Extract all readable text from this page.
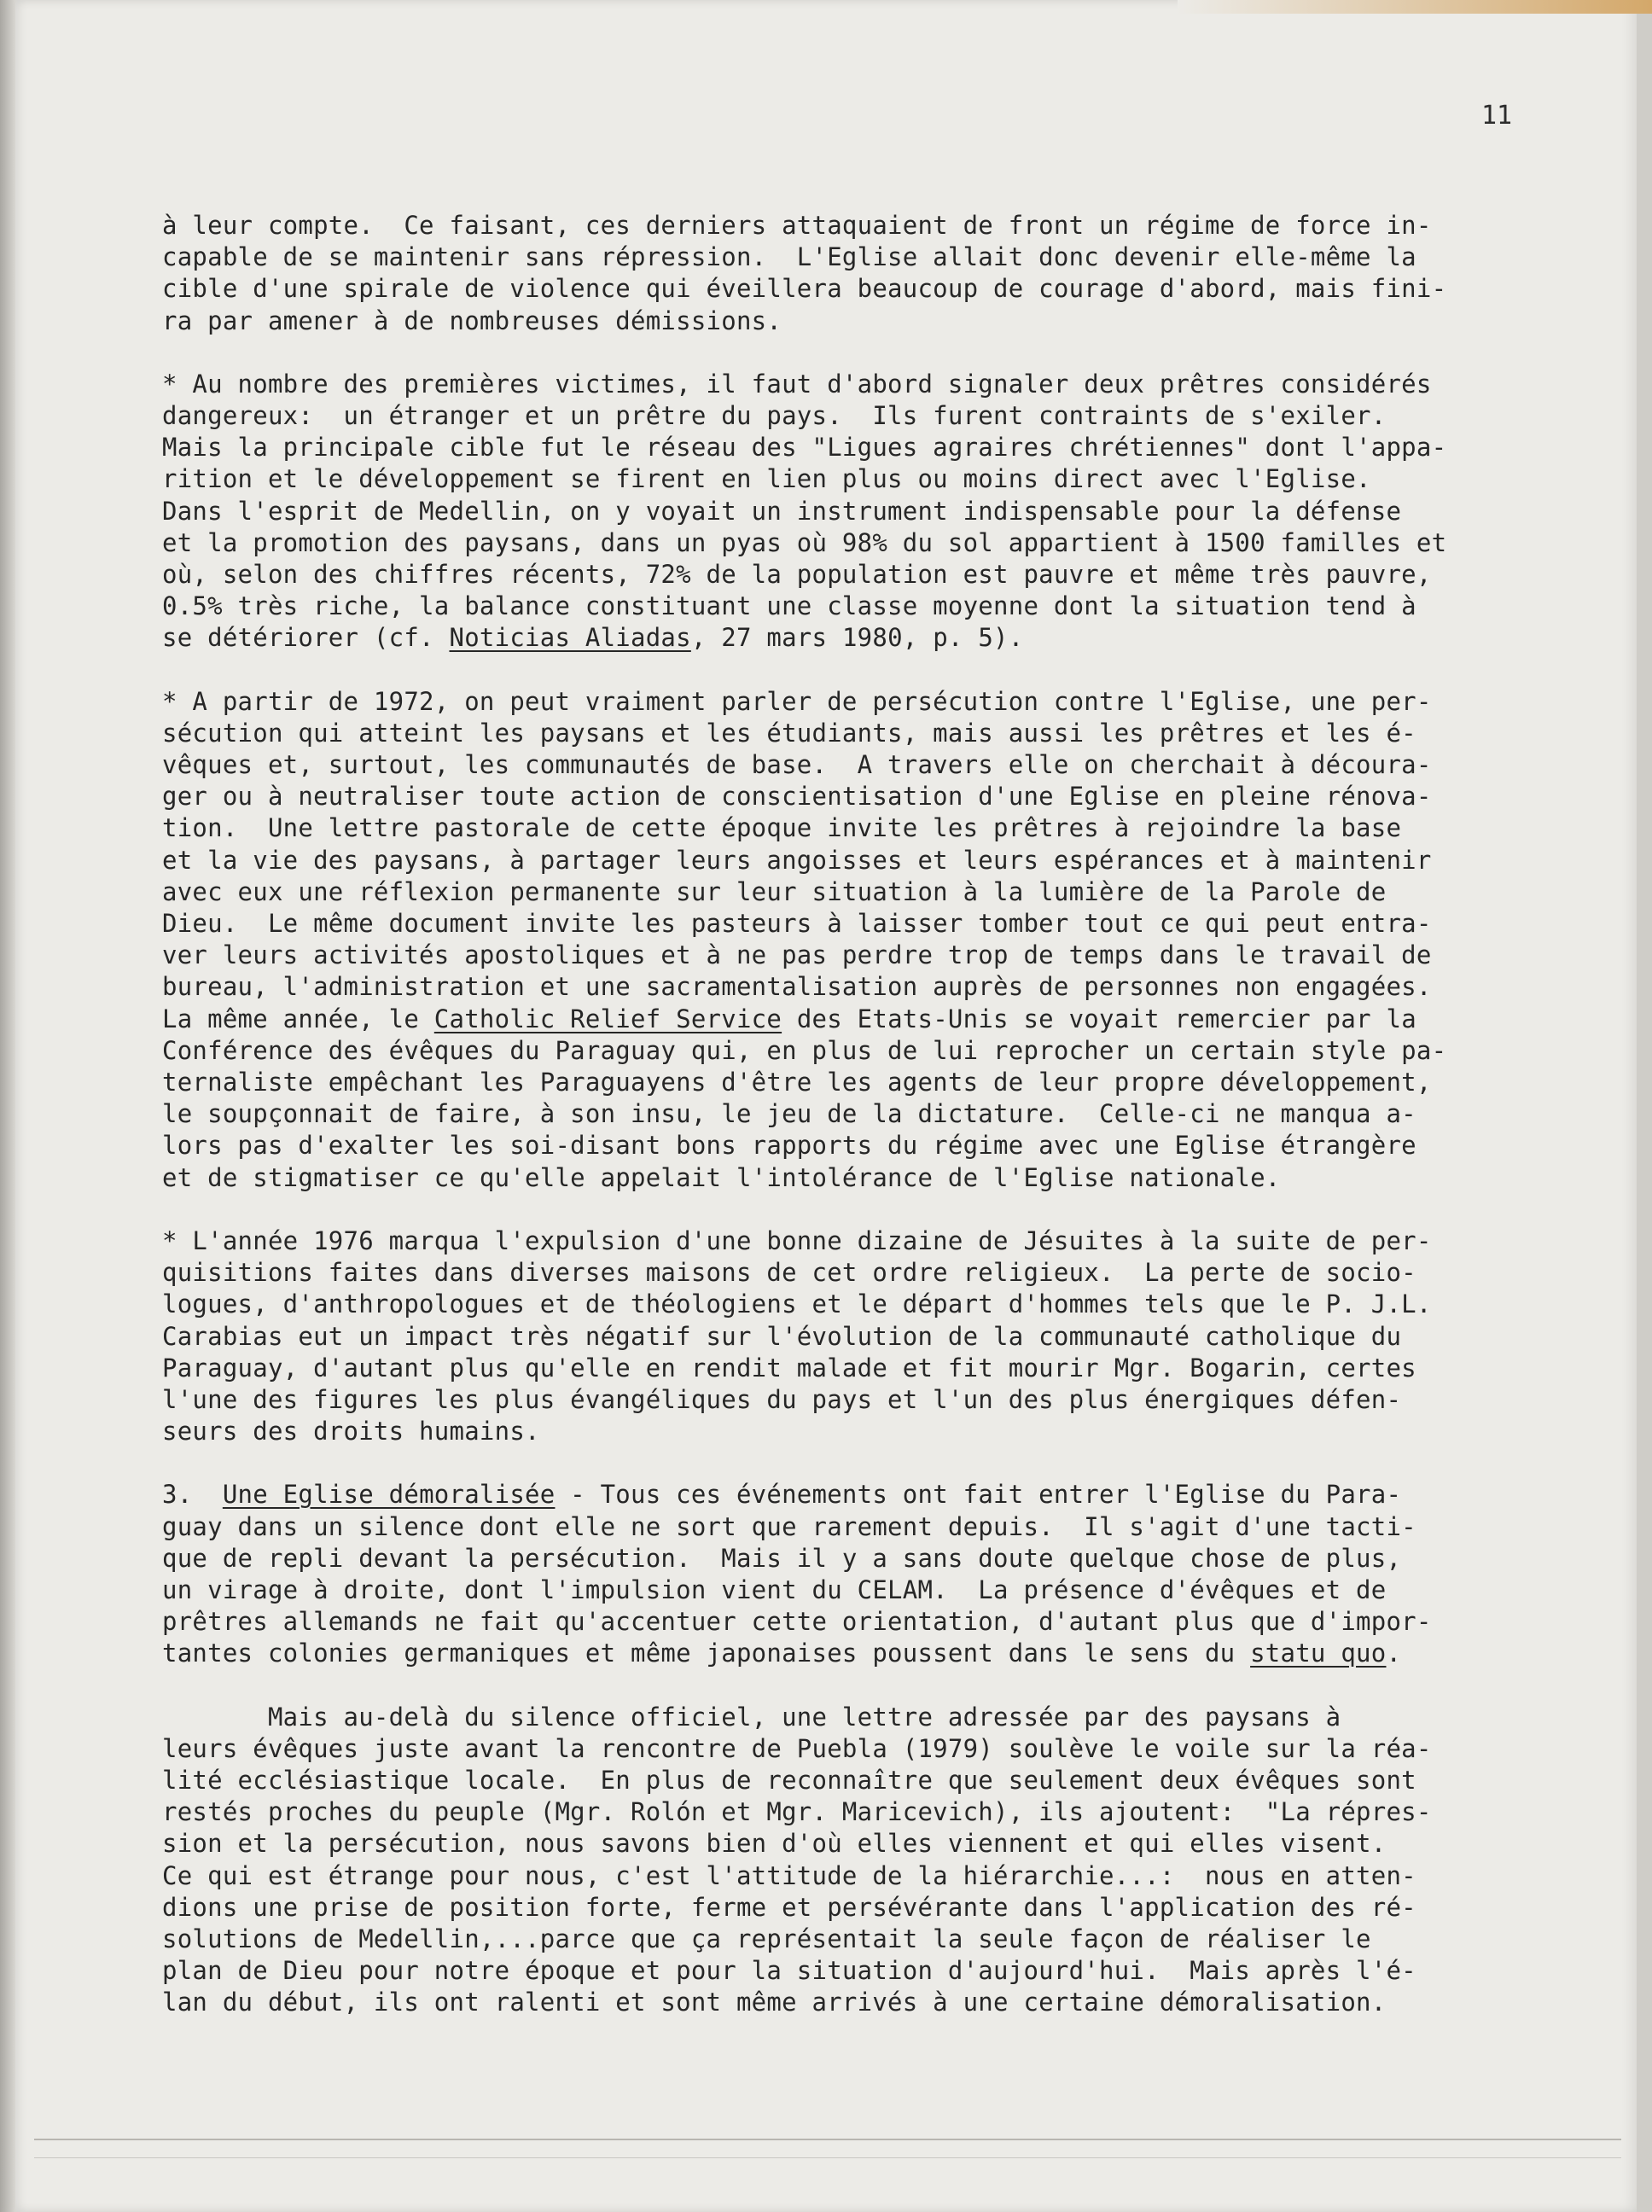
11

à leur compte.  Ce faisant, ces derniers attaquaient de front un régime de force in-

capable de se maintenir sans répression.  L'Eglise allait donc devenir elle-même la

cible d'une spirale de violence qui éveillera beaucoup de courage d'abord, mais fini-

ra par amener à de nombreuses démissions.

* Au nombre des premières victimes, il faut d'abord signaler deux prêtres considérés

dangereux:  un étranger et un prêtre du pays.  Ils furent contraints de s'exiler.

Mais la principale cible fut le réseau des "Ligues agraires chrétiennes" dont l'appa-

rition et le développement se firent en lien plus ou moins direct avec l'Eglise.

Dans l'esprit de Medellin, on y voyait un instrument indispensable pour la défense

et la promotion des paysans, dans un pyas où 98% du sol appartient à 1500 familles et

où, selon des chiffres récents, 72% de la population est pauvre et même très pauvre,

0.5% très riche, la balance constituant une classe moyenne dont la situation tend à

se détériorer (cf. Noticias Aliadas, 27 mars 1980, p. 5).

* A partir de 1972, on peut vraiment parler de persécution contre l'Eglise, une per-

sécution qui atteint les paysans et les étudiants, mais aussi les prêtres et les é-

vêques et, surtout, les communautés de base.  A travers elle on cherchait à découra-

ger ou à neutraliser toute action de conscientisation d'une Eglise en pleine rénova-

tion.  Une lettre pastorale de cette époque invite les prêtres à rejoindre la base

et la vie des paysans, à partager leurs angoisses et leurs espérances et à maintenir

avec eux une réflexion permanente sur leur situation à la lumière de la Parole de

Dieu.  Le même document invite les pasteurs à laisser tomber tout ce qui peut entra-

ver leurs activités apostoliques et à ne pas perdre trop de temps dans le travail de

bureau, l'administration et une sacramentalisation auprès de personnes non engagées.

La même année, le Catholic Relief Service des Etats-Unis se voyait remercier par la

Conférence des évêques du Paraguay qui, en plus de lui reprocher un certain style pa-

ternaliste empêchant les Paraguayens d'être les agents de leur propre développement,

le soupçonnait de faire, à son insu, le jeu de la dictature.  Celle-ci ne manqua a-

lors pas d'exalter les soi-disant bons rapports du régime avec une Eglise étrangère

et de stigmatiser ce qu'elle appelait l'intolérance de l'Eglise nationale.

* L'année 1976 marqua l'expulsion d'une bonne dizaine de Jésuites à la suite de per-

quisitions faites dans diverses maisons de cet ordre religieux.  La perte de socio-

logues, d'anthropologues et de théologiens et le départ d'hommes tels que le P. J.L.

Carabias eut un impact très négatif sur l'évolution de la communauté catholique du

Paraguay, d'autant plus qu'elle en rendit malade et fit mourir Mgr. Bogarin, certes

l'une des figures les plus évangéliques du pays et l'un des plus énergiques défen-

seurs des droits humains.

3.  Une Eglise démoralisée - Tous ces événements ont fait entrer l'Eglise du Para-

guay dans un silence dont elle ne sort que rarement depuis.  Il s'agit d'une tacti-

que de repli devant la persécution.  Mais il y a sans doute quelque chose de plus,

un virage à droite, dont l'impulsion vient du CELAM.  La présence d'évêques et de

prêtres allemands ne fait qu'accentuer cette orientation, d'autant plus que d'impor-

tantes colonies germaniques et même japonaises poussent dans le sens du statu quo.

Mais au-delà du silence officiel, une lettre adressée par des paysans à

leurs évêques juste avant la rencontre de Puebla (1979) soulève le voile sur la réa-

lité ecclésiastique locale.  En plus de reconnaître que seulement deux évêques sont

restés proches du peuple (Mgr. Rolón et Mgr. Maricevich), ils ajoutent:  "La répres-

sion et la persécution, nous savons bien d'où elles viennent et qui elles visent.

Ce qui est étrange pour nous, c'est l'attitude de la hiérarchie...:  nous en atten-

dions une prise de position forte, ferme et persévérante dans l'application des ré-

solutions de Medellin,...parce que ça représentait la seule façon de réaliser le

plan de Dieu pour notre époque et pour la situation d'aujourd'hui.  Mais après l'é-

lan du début, ils ont ralenti et sont même arrivés à une certaine démoralisation.
